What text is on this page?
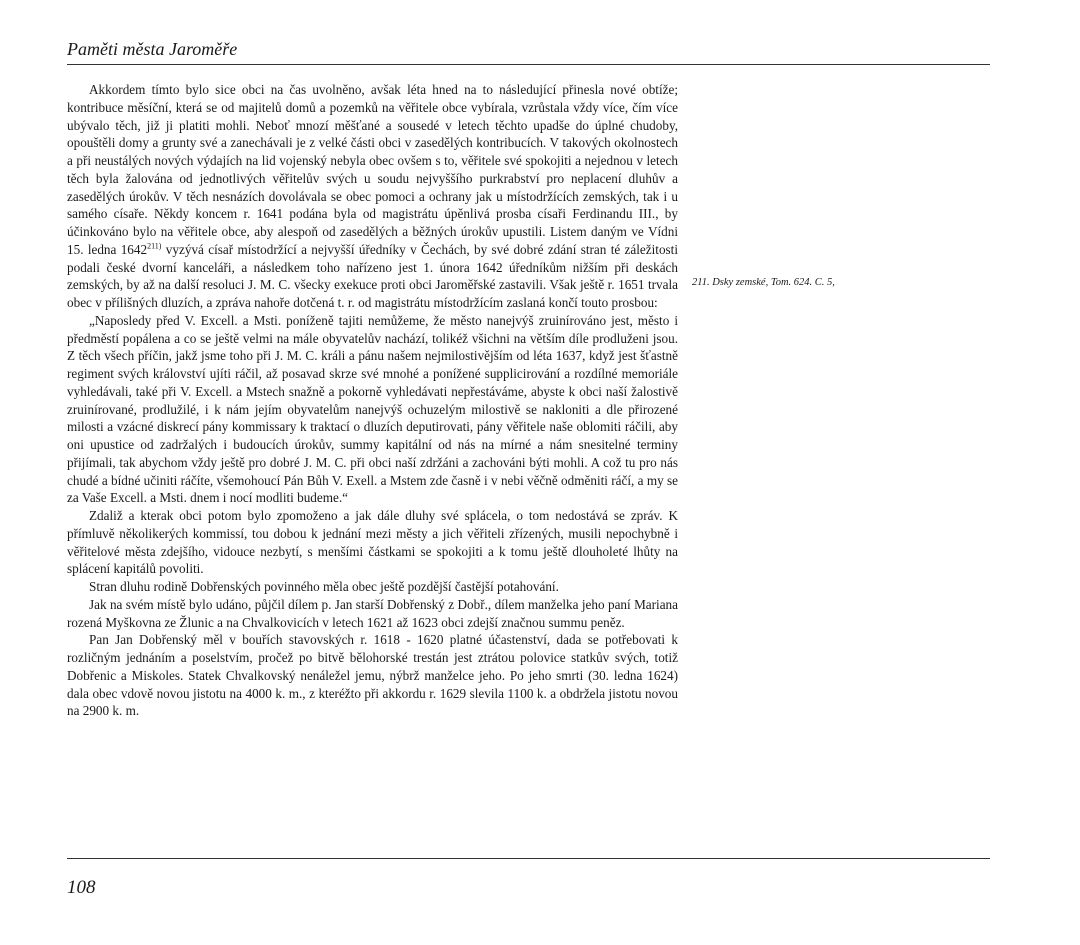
Paměti města Jaroměře

Akkordem tímto bylo sice obci na čas uvolněno, avšak léta hned na to následující přinesla nové obtíže; kontribuce měsíční, která se od majitelů domů a pozemků na věřitele obce vybírala, vzrůstala vždy více, čím více ubývalo těch, již ji platiti mohli. Neboť mnozí měšťané a sousedé v letech těchto upadše do úplné chudoby, opouštěli domy a grunty své a zanechávali je z velké části obci v zasedělých kontribucích. V takových okolnostech a při neustálých nových výdajích na lid vojenský nebyla obec ovšem s to, věřitele své spokojiti a nejednou v letech těch byla žalována od jednotlivých věřitelův svých u soudu nejvyššího purkrabství pro neplacení dluhův a zasedělých úrokův. V těch nesnázích dovolávala se obec pomoci a ochrany jak u místodržících zemských, tak i u samého císaře. Někdy koncem r. 1641 podána byla od magistrátu úpěnlivá prosba císaři Ferdinandu III., by účinkováno bylo na věřitele obce, aby alespoň od zasedělých a běžných úrokův upustili. Listem daným ve Vídni 15. ledna 1642$^{211)}$ vyzývá císař místodržící a nejvyšší úředníky v Čechách, by své dobré zdání stran té záležitosti podali české dvorní kanceláři, a následkem toho nařízeno jest 1. února 1642 úředníkům nižším při deskách zemských, by až na další resoluci J. M. C. všecky exekuce proti obci Jaroměřské zastavili. Však ještě r. 1651 trvala obec v přílišných dluzích, a zpráva nahoře dotčená t. r. od magistrátu místodržícím zaslaná končí touto prosbou:

„Naposledy před V. Excell. a Msti. poníženě tajiti nemůžeme, že město nanejvýš zruinírováno jest, město i předměstí popálena a co se ještě velmi na mále obyvatelův nachází, tolikéž všichni na větším díle prodluženi jsou. Z těch všech příčin, jakž jsme toho při J. M. C. králi a pánu našem nejmilostivějším od léta 1637, když jest šťastně regiment svých království ujíti ráčil, až posavad skrze své mnohé a ponížené supplicirování a rozdílné memoriále vyhledávali, také při V. Excell. a Mstech snažně a pokorně vyhledávati nepřestáváme, abyste k obci naší žalostivě zruinírované, prodlužilé, i k nám jejím obyvatelům nanejvýš ochuzelým milostivě se nakloniti a dle přirozené milosti a vzácné diskrecí pány kommissary k traktací o dluzích deputirovati, pány věřitele naše oblomiti ráčili, aby oni upustice od zadržalých i budoucích úrokův, summy kapitální od nás na mírné a nám snesitelné terminy přijímali, tak abychom vždy ještě pro dobré J. M. C. při obci naší zdržáni a zachováni býti mohli. A což tu pro nás chudé a bídné učiniti ráčíte, všemohoucí Pán Bůh V. Exell. a Mstem zde časně i v nebi věčně odměniti ráčí, a my se za Vaše Excell. a Msti. dnem i nocí modliti budeme.“

Zdaliž a kterak obci potom bylo zpomoženo a jak dále dluhy své splácela, o tom nedostává se zpráv. K přímluvě několikerých kommissí, tou dobou k jednání mezi městy a jich věřiteli zřízených, musili nepochybně i věřitelové města zdejšího, vidouce nezbytí, s menšími částkami se spokojiti a k tomu ještě dlouholeté lhůty na splácení kapitálů povoliti.

Stran dluhu rodině Dobřenských povinného měla obec ještě pozdější častější potahování.

Jak na svém místě bylo udáno, půjčil dílem p. Jan starší Dobřenský z Dobř., dílem manželka jeho paní Mariana rozená Myškovna ze Žlunic a na Chvalkovicích v letech 1621 až 1623 obci zdejší značnou summu peněz.

Pan Jan Dobřenský měl v bouřích stavovských r. 1618 - 1620 platné účastenství, dada se potřebovati k rozličným jednáním a poselstvím, pročež po bitvě bělohorské trestán jest ztrátou polovice statkův svých, totiž Dobřenic a Miskoles. Statek Chvalkovský nenáležel jemu, nýbrž manželce jeho. Po jeho smrti (30. ledna 1624) dala obec vdově novou jistotu na 4000 k. m., z kteréžto při akkordu r. 1629 slevila 1100 k. a obdržela jistotu novou na 2900 k. m.

211. Dsky zemské, Tom. 624. C. 5,
108
